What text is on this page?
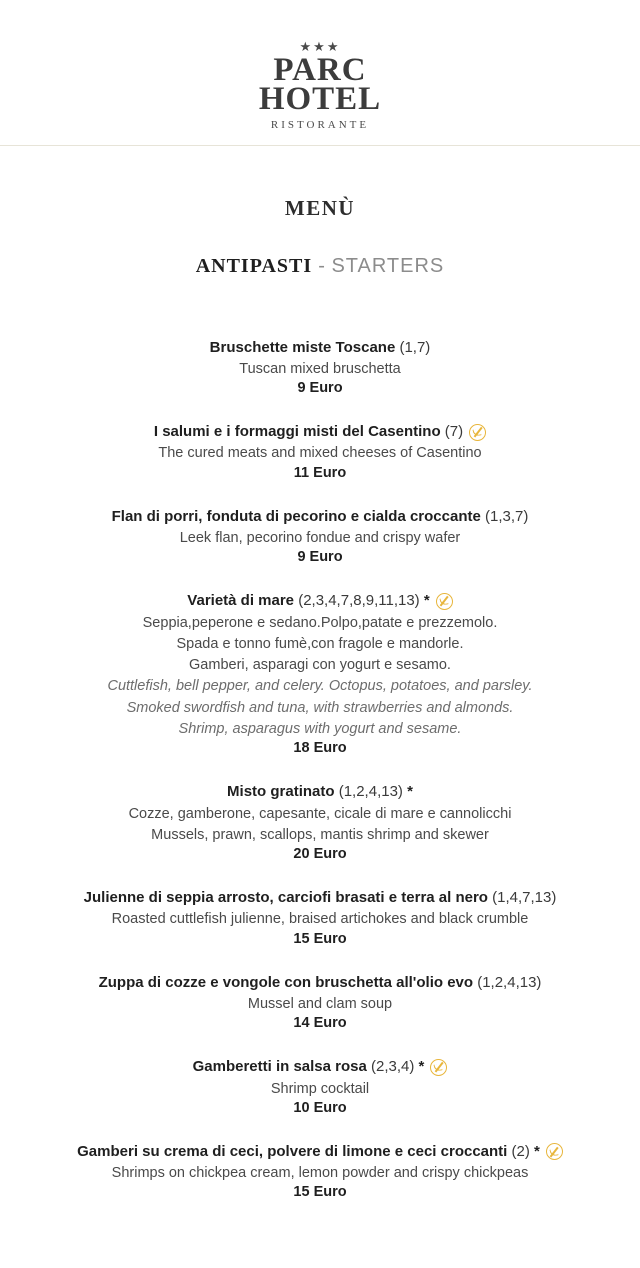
★★★
PARC
HOTEL
RISTORANTE
MENÙ
ANTIPASTI - STARTERS
Bruschette miste Toscane (1,7)
Tuscan mixed bruschetta
9 Euro
I salumi e i formaggi misti del Casentino (7)
The cured meats and mixed cheeses of Casentino
11 Euro
Flan di porri, fonduta di pecorino e cialda croccante (1,3,7)
Leek flan, pecorino fondue and crispy wafer
9 Euro
Varietà di mare (2,3,4,7,8,9,11,13) *
Seppia,peperone e sedano.Polpo,patate e prezzemolo.
Spada e tonno fumè,con fragole e mandorle.
Gamberi, asparagi con yogurt e sesamo.
Cuttlefish, bell pepper, and celery. Octopus, potatoes, and parsley.
Smoked swordfish and tuna, with strawberries and almonds.
Shrimp, asparagus with yogurt and sesame.
18 Euro
Misto gratinato (1,2,4,13) *
Cozze, gamberone, capesante, cicale di mare e cannolicchi
Mussels, prawn, scallops, mantis shrimp and skewer
20 Euro
Julienne di seppia arrosto, carciofi brasati e terra al nero (1,4,7,13)
Roasted cuttlefish julienne, braised artichokes and black crumble
15 Euro
Zuppa di cozze e vongole con bruschetta all'olio evo (1,2,4,13)
Mussel and clam soup
14 Euro
Gamberetti in salsa rosa (2,3,4) *
Shrimp cocktail
10 Euro
Gamberi su crema di ceci, polvere di limone e ceci croccanti (2) *
Shrimps on chickpea cream, lemon powder and crispy chickpeas
15 Euro
